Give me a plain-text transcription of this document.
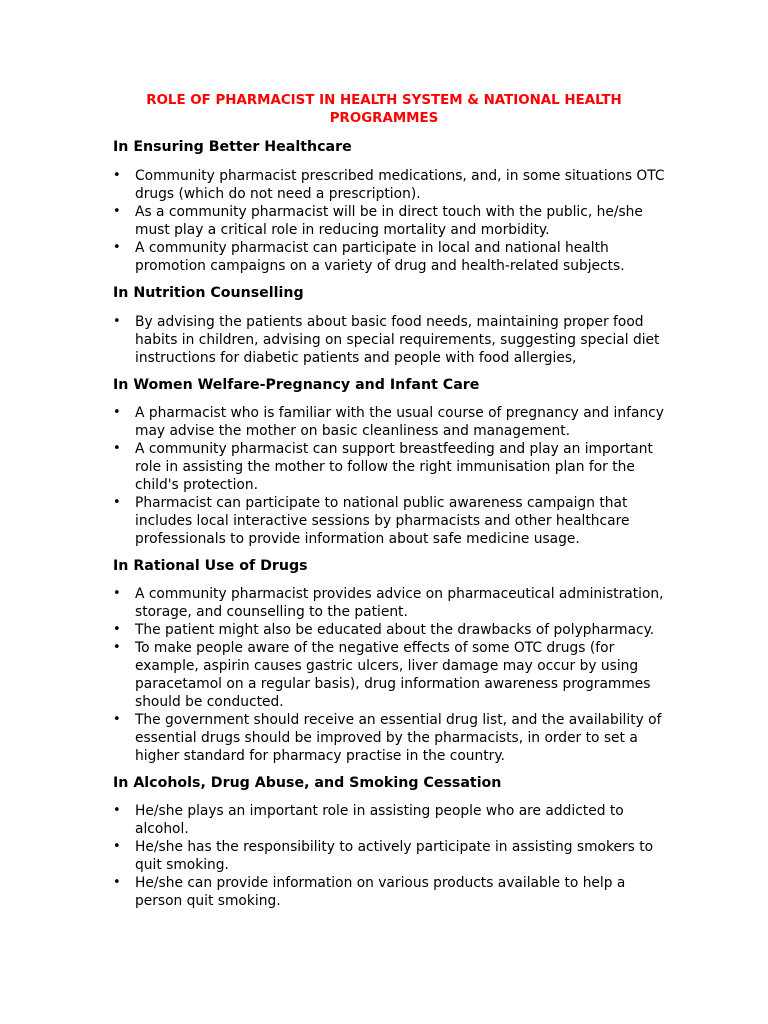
ROLE OF PHARMACIST IN HEALTH SYSTEM & NATIONAL HEALTH
PROGRAMMES
In Ensuring Better Healthcare
• Community pharmacist prescribed medications, and, in some situations OTC
drugs (which do not need a prescription).
• As a community pharmacist will be in direct touch with the public, he/she
must play a critical role in reducing mortality and morbidity.
• A community pharmacist can participate in local and national health
promotion campaigns on a variety of drug and health-related subjects.
In Nutrition Counselling
• By advising the patients about basic food needs, maintaining proper food
habits in children, advising on special requirements, suggesting special diet
instructions for diabetic patients and people with food allergies,
In Women Welfare-Pregnancy and Infant Care
• A pharmacist who is familiar with the usual course of pregnancy and infancy
may advise the mother on basic cleanliness and management.
• A community pharmacist can support breastfeeding and play an important
role in assisting the mother to follow the right immunisation plan for the
child's protection.
• Pharmacist can participate to national public awareness campaign that
includes local interactive sessions by pharmacists and other healthcare
professionals to provide information about safe medicine usage.
In Rational Use of Drugs
• A community pharmacist provides advice on pharmaceutical administration,
storage, and counselling to the patient.
• The patient might also be educated about the drawbacks of polypharmacy.
• To make people aware of the negative effects of some OTC drugs (for
example, aspirin causes gastric ulcers, liver damage may occur by using
paracetamol on a regular basis), drug information awareness programmes
should be conducted.
• The government should receive an essential drug list, and the availability of
essential drugs should be improved by the pharmacists, in order to set a
higher standard for pharmacy practise in the country.
In Alcohols, Drug Abuse, and Smoking Cessation
• He/she plays an important role in assisting people who are addicted to
alcohol.
• He/she has the responsibility to actively participate in assisting smokers to
quit smoking.
• He/she can provide information on various products available to help a
person quit smoking.
